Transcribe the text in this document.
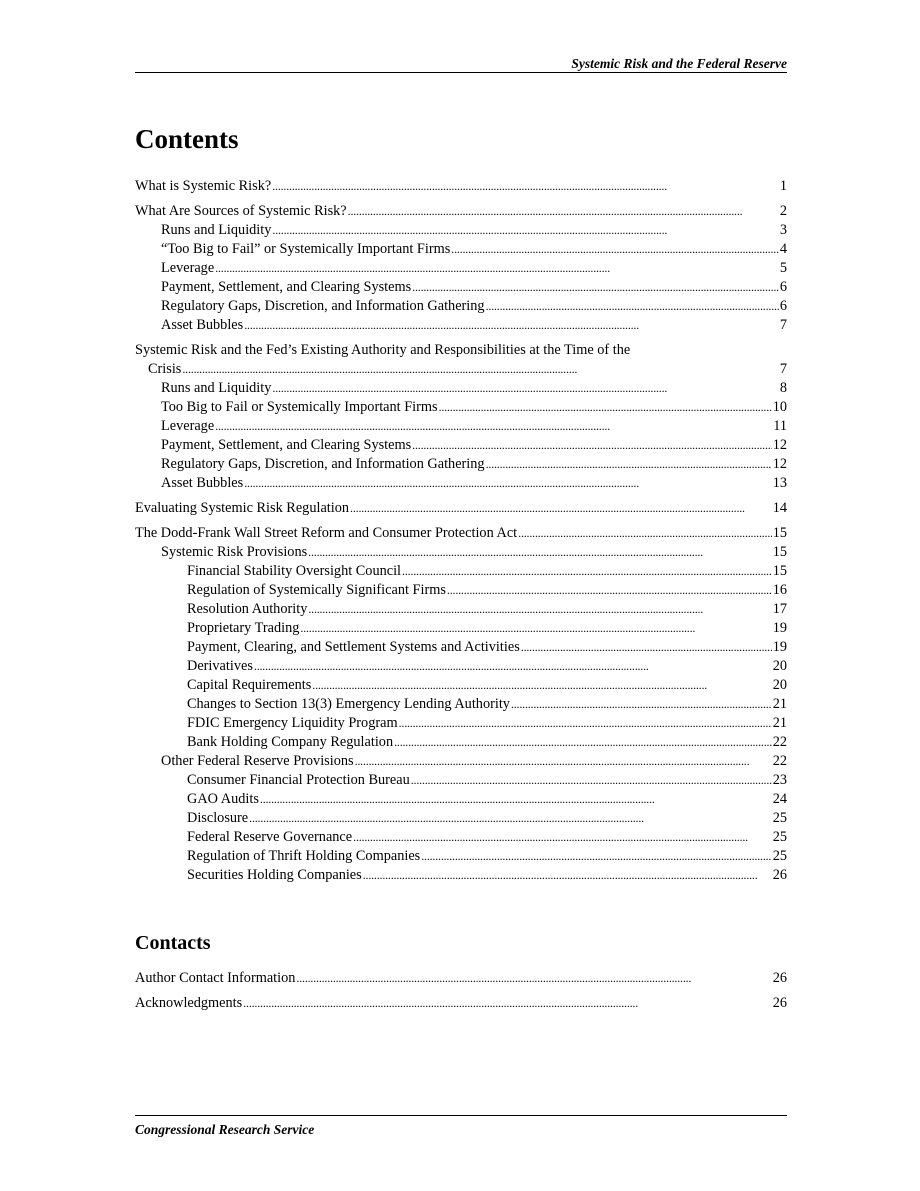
Systemic Risk and the Federal Reserve
Contents
What is Systemic Risk? . . .	1
What Are Sources of Systemic Risk? . . .	2
Runs and Liquidity . . .	3
“Too Big to Fail” or Systemically Important Firms . . .	4
Leverage . . .	5
Payment, Settlement, and Clearing Systems . . .	6
Regulatory Gaps, Discretion, and Information Gathering . . .	6
Asset Bubbles . . .	7
Systemic Risk and the Fed’s Existing Authority and Responsibilities at the Time of the
Crisis . . .	7
Runs and Liquidity . . .	8
Too Big to Fail or Systemically Important Firms . . .	10
Leverage . . .	11
Payment, Settlement, and Clearing Systems . . .	12
Regulatory Gaps, Discretion, and Information Gathering . . .	12
Asset Bubbles . . .	13
Evaluating Systemic Risk Regulation . . .	14
The Dodd-Frank Wall Street Reform and Consumer Protection Act . . .	15
Systemic Risk Provisions . . .	15
Financial Stability Oversight Council . . .	15
Regulation of Systemically Significant Firms . . .	16
Resolution Authority . . .	17
Proprietary Trading . . .	19
Payment, Clearing, and Settlement Systems and Activities . . .	19
Derivatives . . .	20
Capital Requirements . . .	20
Changes to Section 13(3) Emergency Lending Authority . . .	21
FDIC Emergency Liquidity Program . . .	21
Bank Holding Company Regulation . . .	22
Other Federal Reserve Provisions . . .	22
Consumer Financial Protection Bureau . . .	23
GAO Audits . . .	24
Disclosure . . .	25
Federal Reserve Governance . . .	25
Regulation of Thrift Holding Companies . . .	25
Securities Holding Companies . . .	26
Contacts
Author Contact Information . . .	26
Acknowledgments . . .	26
Congressional Research Service
